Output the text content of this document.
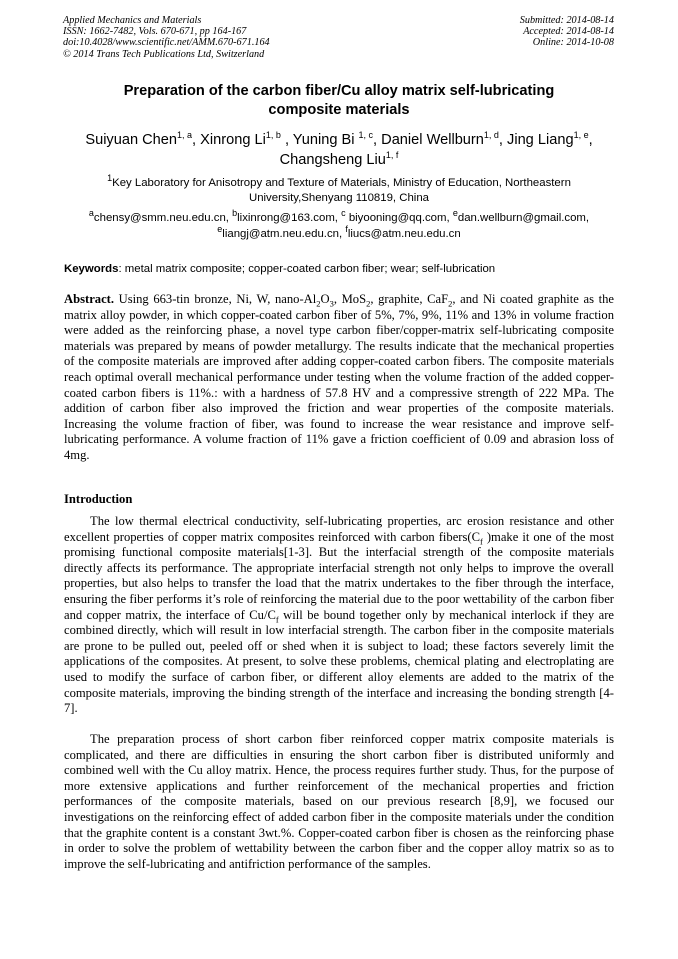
Applied Mechanics and Materials
ISSN: 1662-7482, Vols. 670-671, pp 164-167
doi:10.4028/www.scientific.net/AMM.670-671.164
© 2014 Trans Tech Publications Ltd, Switzerland
Submitted: 2014-08-14
Accepted: 2014-08-14
Online: 2014-10-08
Preparation of the carbon fiber/Cu alloy matrix self-lubricating
composite materials
Suiyuan Chen$^{1, a}$, Xinrong Li$^{1, b}$ , Yuning Bi $^{1, c}$, Daniel Wellburn$^{1, d}$, Jing Liang$^{1, e}$,
Changsheng Liu$^{1, f}$
$^1$Key Laboratory for Anisotropy and Texture of Materials, Ministry of Education, Northeastern
University,Shenyang 110819, China
$^a$chensy@smm.neu.edu.cn, $^b$lixinrong@163.com, $^c$ biyooning@qq.com, $^e$dan.wellburn@gmail.com,
$^e$liangj@atm.neu.edu.cn, $^f$liucs@atm.neu.edu.cn
Keywords: metal matrix composite; copper-coated carbon fiber; wear; self-lubrication
Abstract. Using 663-tin bronze, Ni, W, nano-$Al_2O_3$, MoS$_2$, graphite, CaF$_2$, and Ni coated graphite as the matrix alloy powder, in which copper-coated carbon fiber of 5%, 7%, 9%, 11% and 13% in volume fraction were added as the reinforcing phase, a novel type carbon fiber/copper-matrix self-lubricating composite materials was prepared by means of powder metallurgy. The results indicate that the mechanical properties of the composite materials are improved after adding copper-coated carbon fibers. The composite materials reach optimal overall mechanical performance under testing when the volume fraction of the added copper-coated carbon fibers is 11%.: with a hardness of 57.8 HV and a compressive strength of 222 MPa. The addition of carbon fiber also improved the friction and wear properties of the composite materials. Increasing the volume fraction of fiber, was found to increase the wear resistance and improve self-lubricating performance. A volume fraction of 11% gave a friction coefficient of 0.09 and abrasion loss of 4mg.
Introduction
The low thermal electrical conductivity, self-lubricating properties, arc erosion resistance and other excellent properties of copper matrix composites reinforced with carbon $fibers(C_f$ )make it one of the most promising functional composite materials[1-3]. But the interfacial strength of the composite materials directly affects its performance. The appropriate interfacial strength not only helps to improve the overall properties, but also helps to transfer the load that the matrix undertakes to the fiber through the interface, ensuring the fiber performs it’s role of reinforcing the material due to the poor wettability of the carbon fiber and copper matrix, the interface of $Cu/C_f$ will be bound together only by mechanical interlock if they are combined directly, which will result in low interfacial strength. The carbon fiber in the composite materials are prone to be pulled out, peeled off or shed when it is subject to load; these factors severely limit the applications of the composites. At present, to solve these problems, chemical plating and electroplating are used to modify the surface of carbon fiber, or different alloy elements are added to the matrix of the composite materials, improving the binding strength of the interface and increasing the bonding strength [4-7].
The preparation process of short carbon fiber reinforced copper matrix composite materials is complicated, and there are difficulties in ensuring the short carbon fiber is distributed uniformly and combined well with the Cu alloy matrix. Hence, the process requires further study. Thus, for the purpose of more extensive applications and further reinforcement of the mechanical properties and friction performances of the composite materials, based on our previous research [8,9], we focused our investigations on the reinforcing effect of added carbon fiber in the composite materials under the condition that the graphite content is a constant 3wt.%. Copper-coated carbon fiber is chosen as the reinforcing phase in order to solve the problem of wettability between the carbon fiber and the copper alloy matrix so as to improve the self-lubricating and antifriction performance of the samples.
